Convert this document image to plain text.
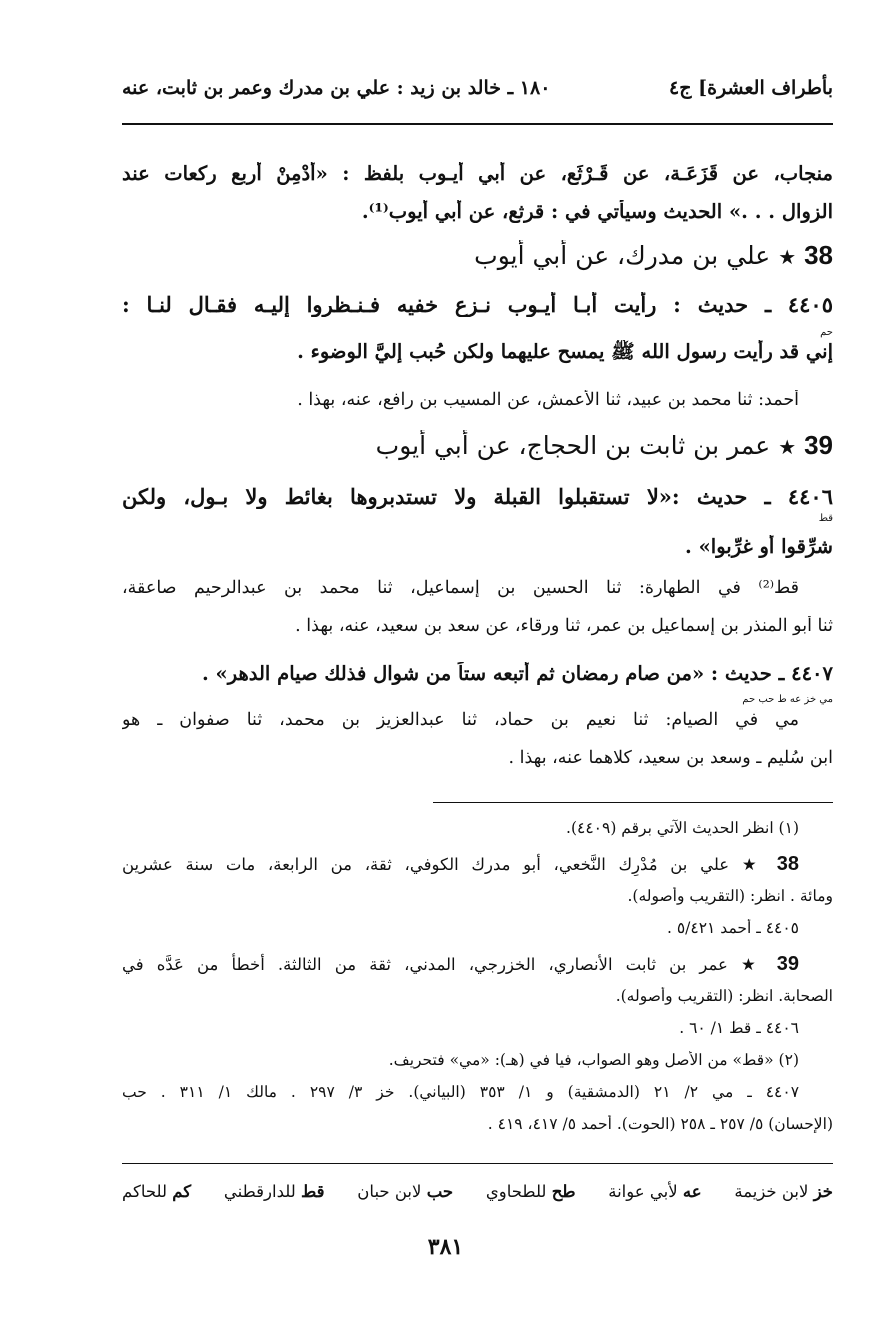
بأطراف العشرة] ج٤
١٨٠ ـ خالد بن زيد : علي بن مدرك وعمر بن ثابت، عنه
منجاب، عن قَزَعَـة، عن قَـرْثَع، عن أبي أيـوب بلفظ : «أُدْمِنْ أربع ركعات عند
الزوال . . .» الحديث وسيأتي في : قرثع، عن أبي أيوب⁽¹⁾.
38 ★ علي بن مدرك، عن أبي أيوب
٤٤٠٥ ـ حديث : رأيت أبـا أيـوب نـزع خفيه فـنـظروا إليـه فقـال لنـا :
حم
إني قد رأيت رسول الله ﷺ يمسح عليهما ولكن حُبب إليَّ الوضوء .
أحمد: ثنا محمد بن عبيد، ثنا الأعمش، عن المسيب بن رافع، عنه، بهذا .
39 ★ عمر بن ثابت بن الحجاج، عن أبي أيوب
٤٤٠٦ ـ حديث :«لا تستقبلوا القبلة ولا تستدبروها بغائط ولا بـول، ولكن
قط
شرِّقوا أو غرِّبوا» .
قط⁽²⁾ في الطهارة: ثنا الحسين بن إسماعيل، ثنا محمد بن عبدالرحيم صاعقة،
ثنا أبو المنذر بن إسماعيل بن عمر، ثنا ورقاء، عن سعد بن سعيد، عنه، بهذا .
٤٤٠٧ ـ حديث : «من صام رمضان ثم أتبعه ستاً من شوال فذلك صيام الدهر» .
مي خز عه ط حب حم
مي في الصيام: ثنا نعيم بن حماد، ثنا عبدالعزيز بن محمد، ثنا صفوان ـ هو
ابن سُليم ـ وسعد بن سعيد، كلاهما عنه، بهذا .
(١) انظر الحديث الآتي برقم (٤٤٠٩).
38 ★ علي بن مُدْرِك النَّخعي، أبو مدرك الكوفي، ثقة، من الرابعة، مات سنة عشرين
ومائة . انظر: (التقريب وأصوله).
٤٤٠٥ ـ أحمد ٥/٤٢١ .
39 ★ عمر بن ثابت الأنصاري، الخزرجي، المدني، ثقة من الثالثة. أخطأ من عَدَّه في
الصحابة. انظر: (التقريب وأصوله).
٤٤٠٦ ـ قط ١/ ٦٠ .
(٢) «قط» من الأصل وهو الصواب، فيا في (هـ): «مي» فتحريف.
٤٤٠٧ ـ مي ٢/ ٢١ (الدمشقية) و ١/ ٣٥٣ (البياني). خز ٣/ ٢٩٧ . مالك ١/ ٣١١ . حب
(الإحسان) ٥/ ٢٥٧ ـ ٢٥٨ (الحوت). أحمد ٥/ ٤١٧، ٤١٩ .
خز لابن خزيمة
عه لأبي عوانة
طح للطحاوي
حب لابن حبان
قط للدارقطني
كم للحاكم
٣٨١
